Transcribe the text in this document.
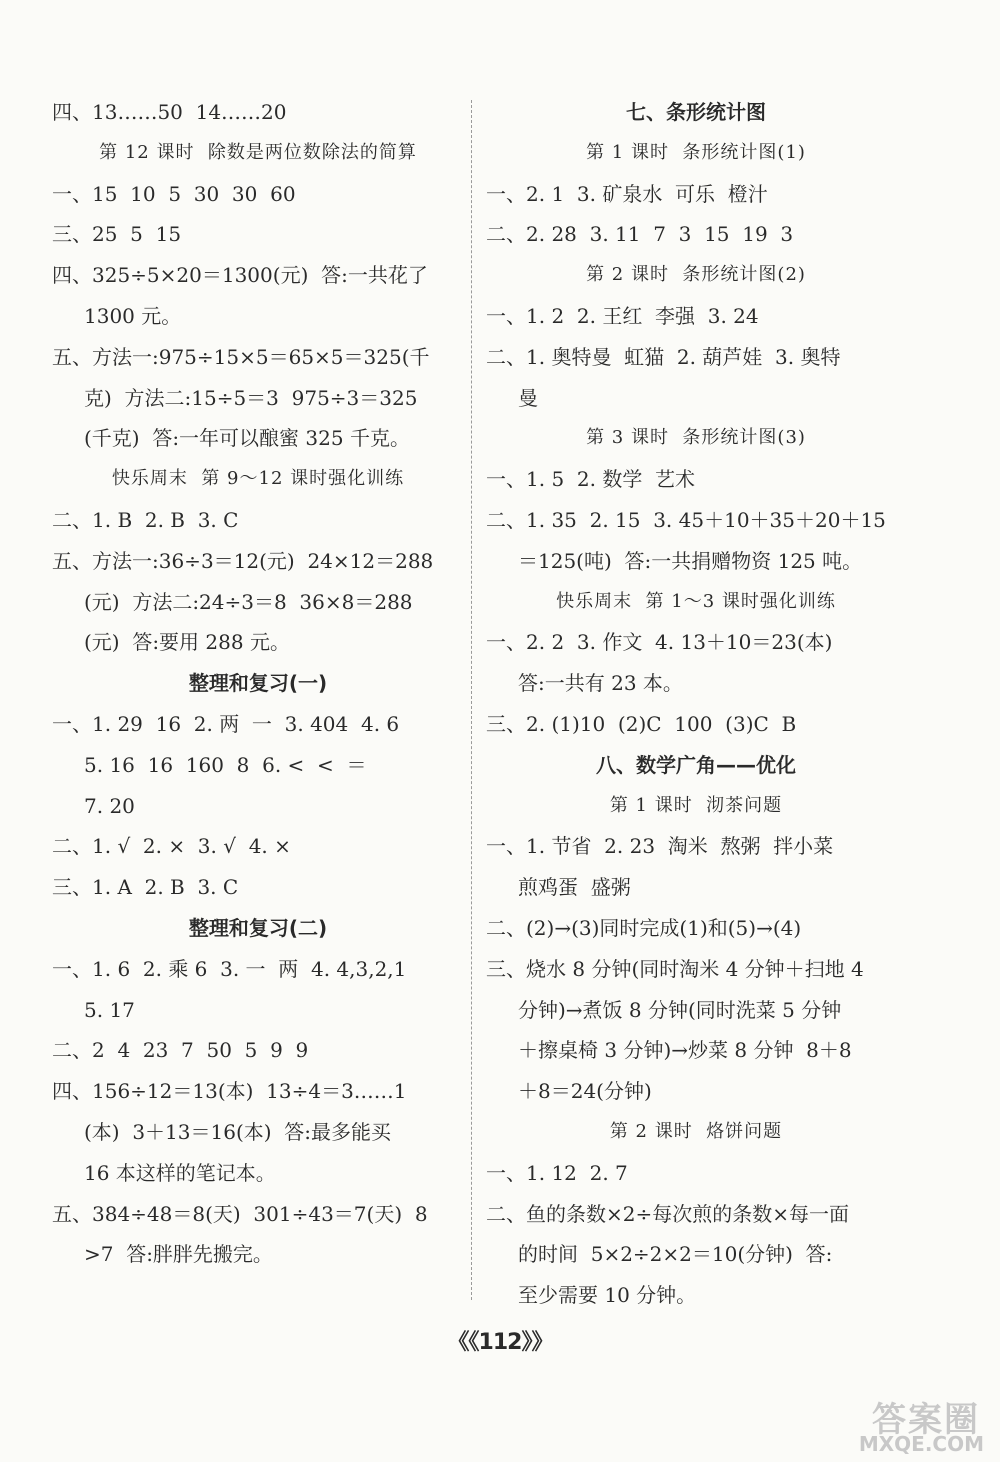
四、13……50  14……20
第 12 课时  除数是两位数除法的简算
一、15  10  5  30  30  60
三、25  5  15
四、325÷5×20＝1300(元)  答:一共花了
1300 元。
五、方法一:975÷15×5＝65×5＝325(千
克)  方法二:15÷5＝3  975÷3＝325
(千克)  答:一年可以酿蜜 325 千克。
快乐周末  第 9～12 课时强化训练
二、1. B  2. B  3. C
五、方法一:36÷3＝12(元)  24×12＝288
(元)  方法二:24÷3＝8  36×8＝288
(元)  答:要用 288 元。
整理和复习(一)
一、1. 29  16  2. 两  一  3. 404  4. 6
5. 16  16  160  8  6. <  <  ＝
7. 20
二、1. √  2. ×  3. √  4. ×
三、1. A  2. B  3. C
整理和复习(二)
一、1. 6  2. 乘 6  3. 一  两  4. 4,3,2,1
5. 17
二、2  4  23  7  50  5  9  9
四、156÷12＝13(本)  13÷4＝3……1
(本)  3＋13＝16(本)  答:最多能买
16 本这样的笔记本。
五、384÷48＝8(天)  301÷43＝7(天)  8
>7  答:胖胖先搬完。
七、条形统计图
第 1 课时  条形统计图(1)
一、2. 1  3. 矿泉水  可乐  橙汁
二、2. 28  3. 11  7  3  15  19  3
第 2 课时  条形统计图(2)
一、1. 2  2. 王红  李强  3. 24
二、1. 奥特曼  虹猫  2. 葫芦娃  3. 奥特
曼
第 3 课时  条形统计图(3)
一、1. 5  2. 数学  艺术
二、1. 35  2. 15  3. 45＋10＋35＋20＋15
＝125(吨)  答:一共捐赠物资 125 吨。
快乐周末  第 1～3 课时强化训练
一、2. 2  3. 作文  4. 13＋10＝23(本)
答:一共有 23 本。
三、2. (1)10  (2)C  100  (3)C  B
八、数学广角——优化
第 1 课时  沏茶问题
一、1. 节省  2. 23  淘米  熬粥  拌小菜
煎鸡蛋  盛粥
二、(2)→(3)同时完成(1)和(5)→(4)
三、烧水 8 分钟(同时淘米 4 分钟＋扫地 4
分钟)→煮饭 8 分钟(同时洗菜 5 分钟
＋擦桌椅 3 分钟)→炒菜 8 分钟  8＋8
＋8＝24(分钟)
第 2 课时  烙饼问题
一、1. 12  2. 7
二、鱼的条数×2÷每次煎的条数×每一面
的时间  5×2÷2×2＝10(分钟)  答:
至少需要 10 分钟。
《《112》》
答案圈
MXQE.COM
